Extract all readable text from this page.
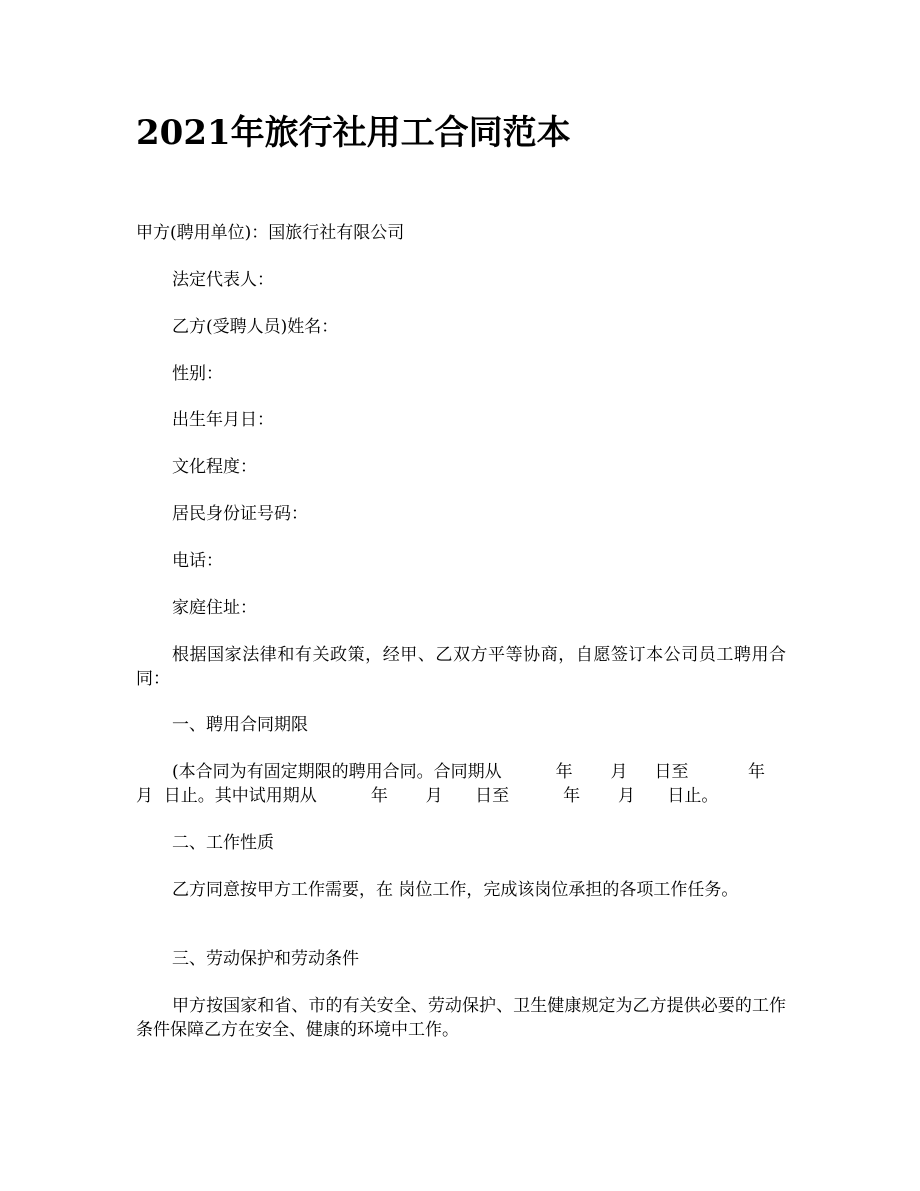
2021年旅行社用工合同范本

甲方(聘用单位)：国旅行社有限公司

法定代表人：

乙方(受聘人员)姓名：

性别：

出生年月日：

文化程度：

居民身份证号码：

电话：

家庭住址：

根据国家法律和有关政策，经甲、乙双方平等协商，自愿签订本公司员工聘用合同：

一、聘用合同期限

(本合同为有固定期限的聘用合同。合同期从          年       月     日至           年

月  日止。其中试用期从          年       月      日至          年       月      日止。

二、工作性质

乙方同意按甲方工作需要，在 岗位工作，完成该岗位承担的各项工作任务。

三、劳动保护和劳动条件

甲方按国家和省、市的有关安全、劳动保护、卫生健康规定为乙方提供必要的工作条件保障乙方在安全、健康的环境中工作。
